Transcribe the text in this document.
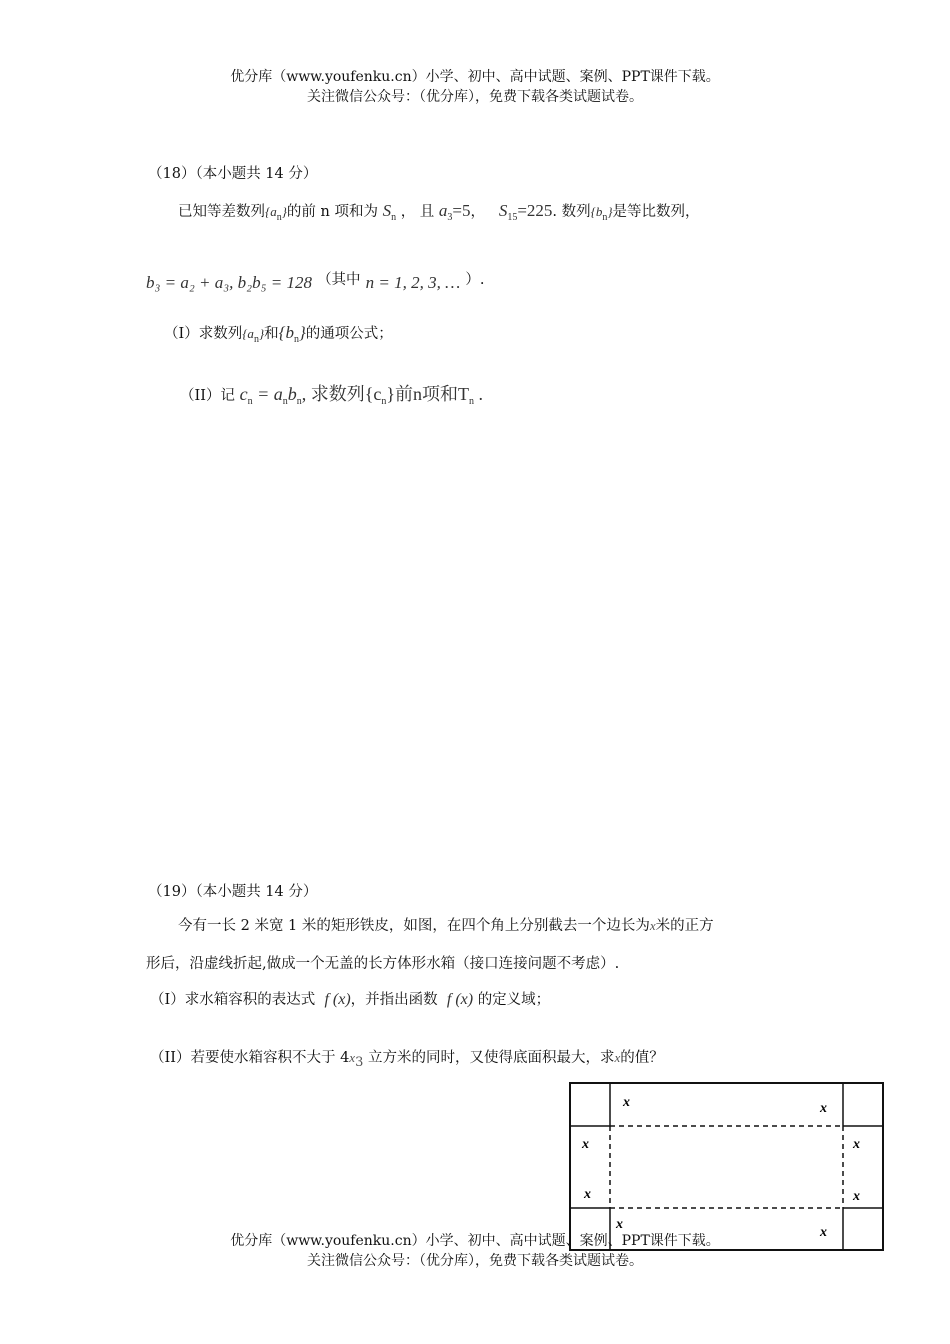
优分库（www.youfenku.cn）小学、初中、高中试题、案例、PPT课件下载。
关注微信公众号：（优分库），免费下载各类试题试卷。
（18）（本小题共 14 分）
已知等差数列$\{a_n\}$的前 n 项和为 $S_n$ ， 且 $a_3=5$， $S_{15}=225$. 数列$\{b_n\}$是等比数列，
b₃ = a₂ + a₃, b₂b₅ = 128 （其中 n = 1, 2, 3, … ）.
（I）求数列$\{a_n\}$和$\{b_n\}$的通项公式；
（II）记 $c_n = a_nb_n$, 求数列$\{c_n\}$前n项和$T_n$ .
（19）（本小题共 14 分）
今有一长 2 米宽 1 米的矩形铁皮，如图，在四个角上分别截去一个边长为x米的正方
形后，沿虚线折起,做成一个无盖的长方体形水箱（接口连接问题不考虑）.
（I）求水箱容积的表达式 f (x)，并指出函数 f (x) 的定义域；
（II）若要使水箱容积不大于 4x3 立方米的同时，又使得底面积最大，求x的值？
x	x
x
x
x
x
x
x
优分库（www.youfenku.cn）小学、初中、高中试题、案例、PPT课件下载。
关注微信公众号：（优分库），免费下载各类试题试卷。
